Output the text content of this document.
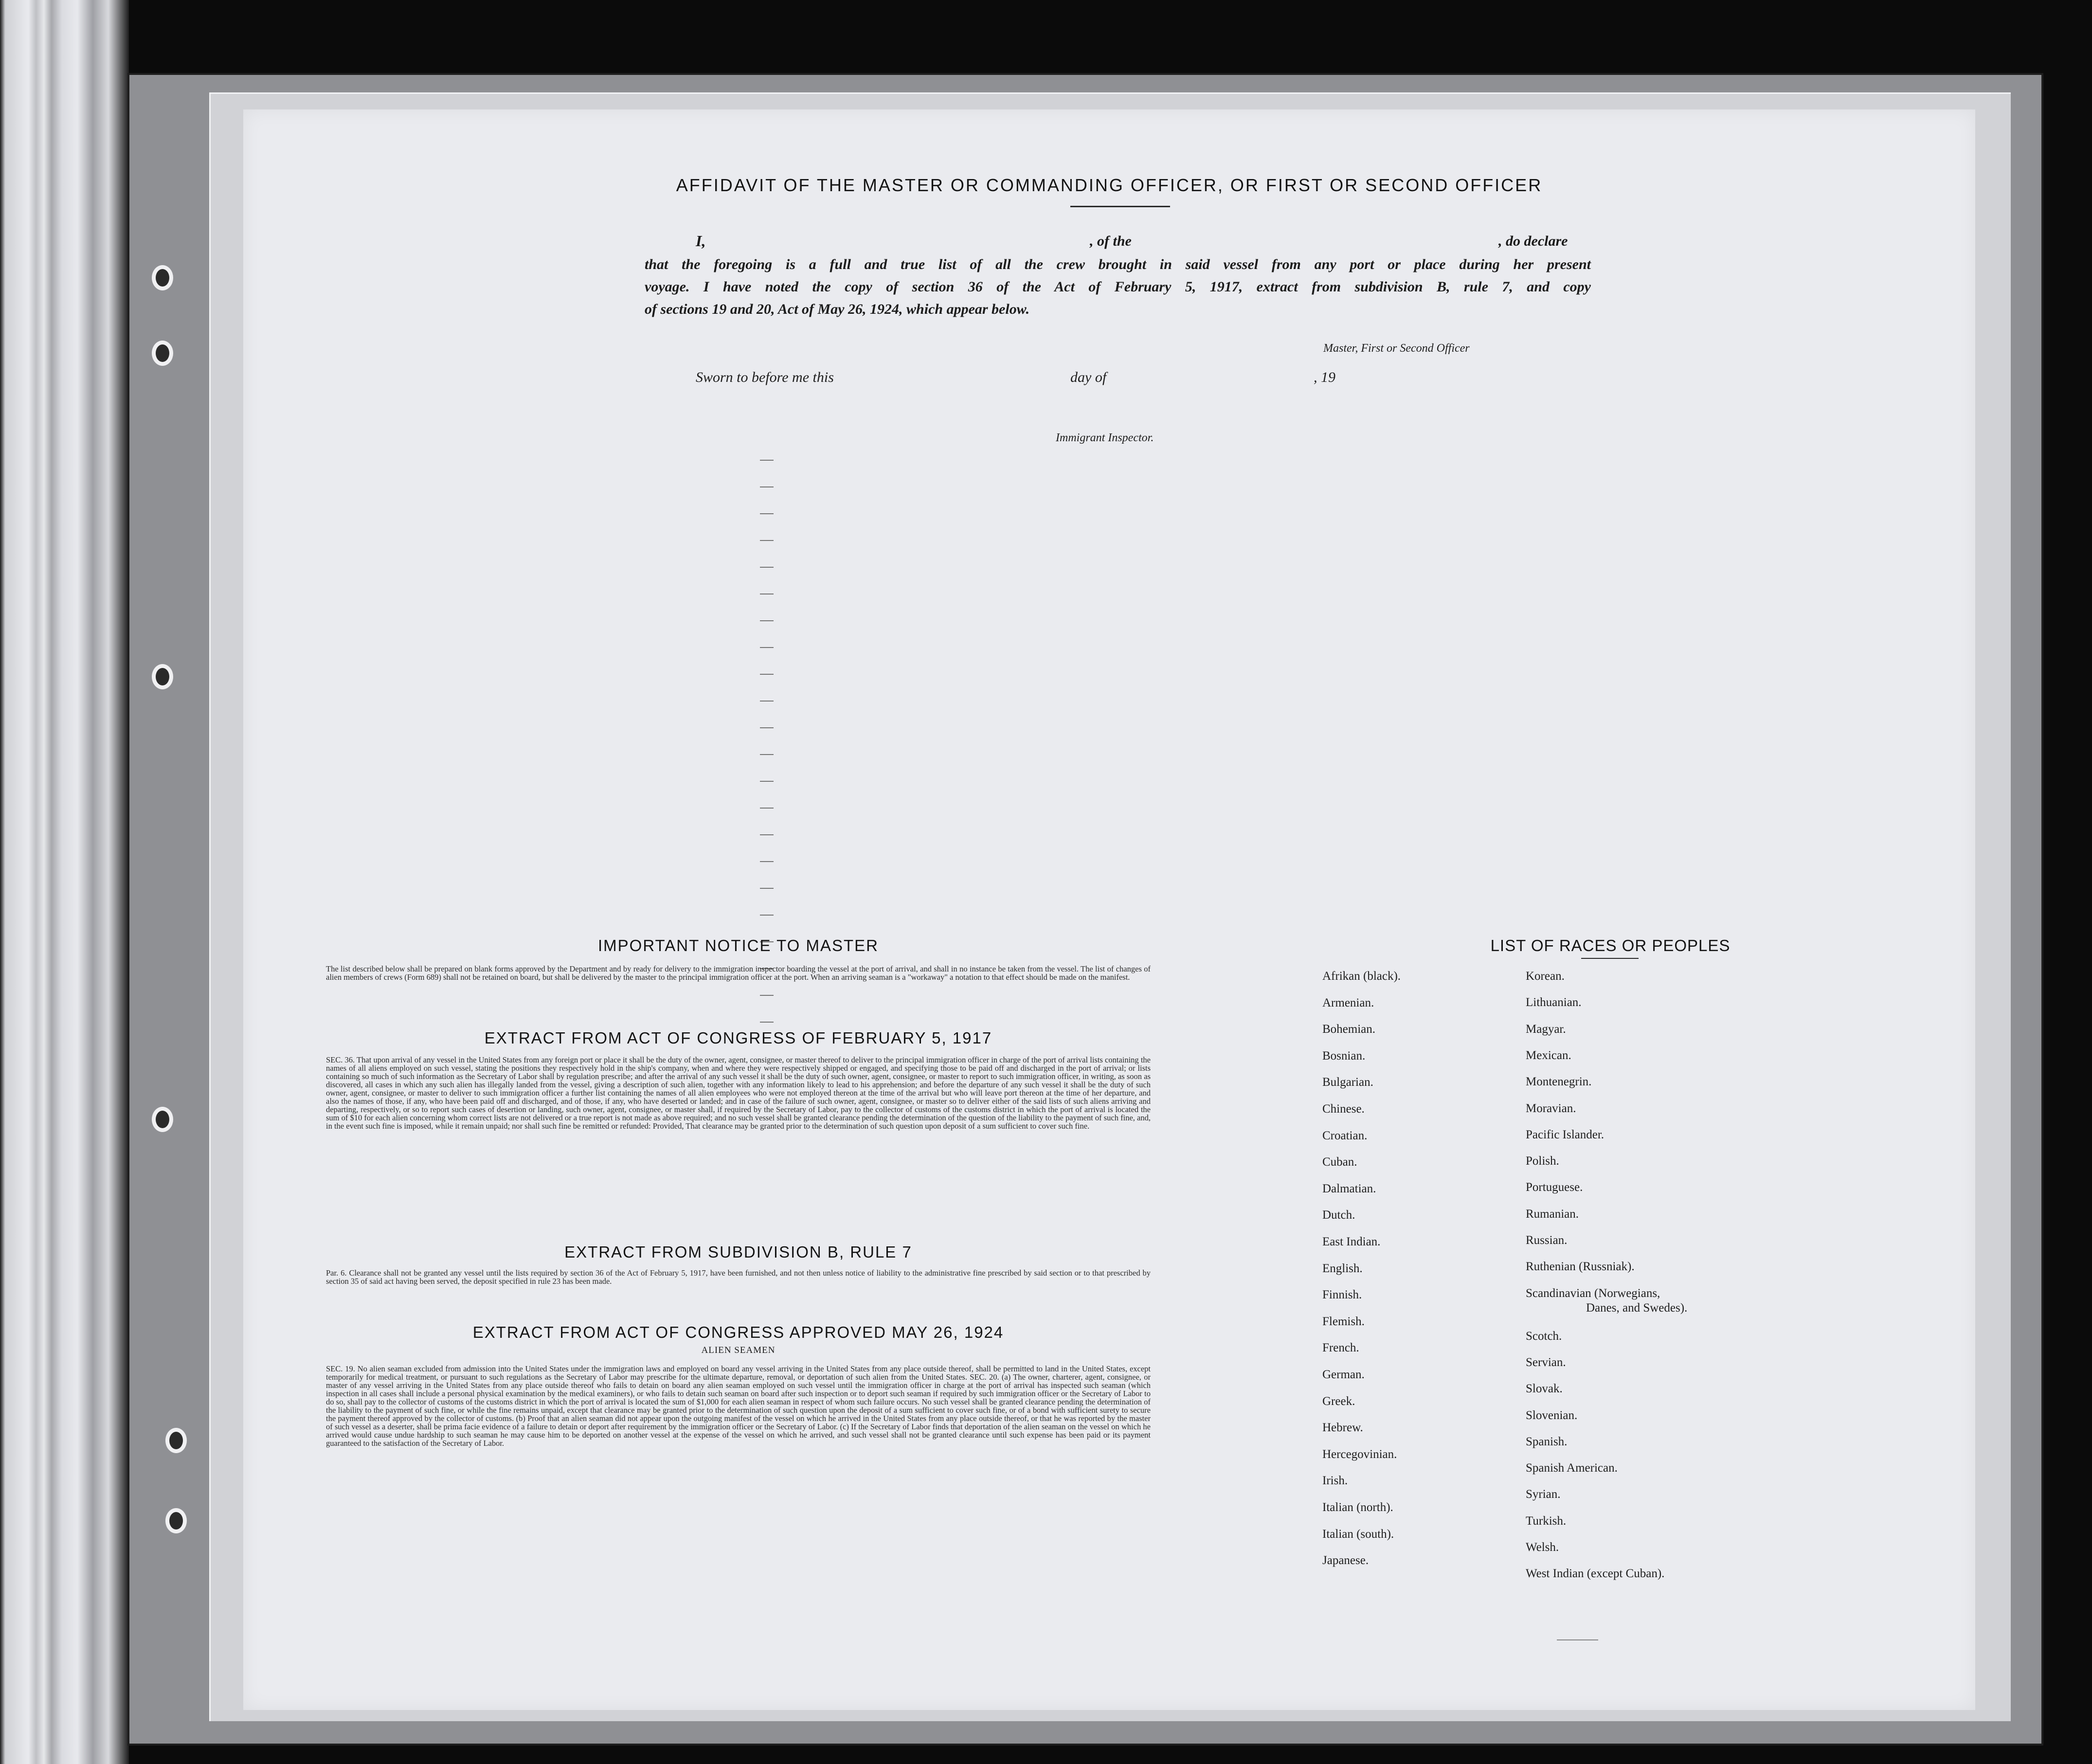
AFFIDAVIT OF THE MASTER OR COMMANDING OFFICER, OR FIRST OR SECOND OFFICER
I,	, of the	, do declare
that the foregoing is a full and true list of all the crew brought in said vessel from any port or place during her present
voyage. I have noted the copy of section 36 of the Act of February 5, 1917, extract from subdivision B, rule 7, and copy
of sections 19 and 20, Act of May 26, 1924, which appear below.
Master, First or Second Officer
Sworn to before me this	day of	, 19
Immigrant Inspector.
IMPORTANT NOTICE TO MASTER
The list described below shall be prepared on blank forms approved by the Department and by ready for delivery to the immigration inspector boarding the vessel at the port of arrival, and shall in no instance be taken from the vessel. The list of changes of alien members of crews (Form 689) shall not be retained on board, but shall be delivered by the master to the principal immigration officer at the port. When an arriving seaman is a "workaway" a notation to that effect should be made on the manifest.
EXTRACT FROM ACT OF CONGRESS OF FEBRUARY 5, 1917
SEC. 36. That upon arrival of any vessel in the United States from any foreign port or place it shall be the duty of the owner, agent, consignee, or master thereof to deliver to the principal immigration officer in charge of the port of arrival lists containing the names of all aliens employed on such vessel, stating the positions they respectively hold in the ship's company, when and where they were respectively shipped or engaged, and specifying those to be paid off and discharged in the port of arrival; or lists containing so much of such information as the Secretary of Labor shall by regulation prescribe; and after the arrival of any such vessel it shall be the duty of such owner, agent, consignee, or master to report to such immigration officer, in writing, as soon as discovered, all cases in which any such alien has illegally landed from the vessel, giving a description of such alien, together with any information likely to lead to his apprehension; and before the departure of any such vessel it shall be the duty of such owner, agent, consignee, or master to deliver to such immigration officer a further list containing the names of all alien employees who were not employed thereon at the time of the arrival but who will leave port thereon at the time of her departure, and also the names of those, if any, who have been paid off and discharged, and of those, if any, who have deserted or landed; and in case of the failure of such owner, agent, consignee, or master so to deliver either of the said lists of such aliens arriving and departing, respectively, or so to report such cases of desertion or landing, such owner, agent, consignee, or master shall, if required by the Secretary of Labor, pay to the collector of customs of the customs district in which the port of arrival is located the sum of $10 for each alien concerning whom correct lists are not delivered or a true report is not made as above required; and no such vessel shall be granted clearance pending the determination of the question of the liability to the payment of such fine, and, in the event such fine is imposed, while it remain unpaid; nor shall such fine be remitted or refunded: Provided, That clearance may be granted prior to the determination of such question upon deposit of a sum sufficient to cover such fine.
EXTRACT FROM SUBDIVISION B, RULE 7
Par. 6. Clearance shall not be granted any vessel until the lists required by section 36 of the Act of February 5, 1917, have been furnished, and not then unless notice of liability to the administrative fine prescribed by said section or to that prescribed by section 35 of said act having been served, the deposit specified in rule 23 has been made.
EXTRACT FROM ACT OF CONGRESS APPROVED MAY 26, 1924
ALIEN SEAMEN
SEC. 19. No alien seaman excluded from admission into the United States under the immigration laws and employed on board any vessel arriving in the United States from any place outside thereof, shall be permitted to land in the United States, except temporarily for medical treatment, or pursuant to such regulations as the Secretary of Labor may prescribe for the ultimate departure, removal, or deportation of such alien from the United States. SEC. 20. (a) The owner, charterer, agent, consignee, or master of any vessel arriving in the United States from any place outside thereof who fails to detain on board any alien seaman employed on such vessel until the immigration officer in charge at the port of arrival has inspected such seaman (which inspection in all cases shall include a personal physical examination by the medical examiners), or who fails to detain such seaman on board after such inspection or to deport such seaman if required by such immigration officer or the Secretary of Labor to do so, shall pay to the collector of customs of the customs district in which the port of arrival is located the sum of $1,000 for each alien seaman in respect of whom such failure occurs. No such vessel shall be granted clearance pending the determination of the liability to the payment of such fine, or while the fine remains unpaid, except that clearance may be granted prior to the determination of such question upon the deposit of a sum sufficient to cover such fine, or of a bond with sufficient surety to secure the payment thereof approved by the collector of customs. (b) Proof that an alien seaman did not appear upon the outgoing manifest of the vessel on which he arrived in the United States from any place outside thereof, or that he was reported by the master of such vessel as a deserter, shall be prima facie evidence of a failure to detain or deport after requirement by the immigration officer or the Secretary of Labor. (c) If the Secretary of Labor finds that deportation of the alien seaman on the vessel on which he arrived would cause undue hardship to such seaman he may cause him to be deported on another vessel at the expense of the vessel on which he arrived, and such vessel shall not be granted clearance until such expense has been paid or its payment guaranteed to the satisfaction of the Secretary of Labor.
LIST OF RACES OR PEOPLES
Afrikan (black).
Armenian.
Bohemian.
Bosnian.
Bulgarian.
Chinese.
Croatian.
Cuban.
Dalmatian.
Dutch.
East Indian.
English.
Finnish.
Flemish.
French.
German.
Greek.
Hebrew.
Hercegovinian.
Irish.
Italian (north).
Italian (south).
Japanese.
Korean.
Lithuanian.
Magyar.
Mexican.
Montenegrin.
Moravian.
Pacific Islander.
Polish.
Portuguese.
Rumanian.
Russian.
Ruthenian (Russniak).
Scandinavian (Norwegians,
Danes, and Swedes).
Scotch.
Servian.
Slovak.
Slovenian.
Spanish.
Spanish American.
Syrian.
Turkish.
Welsh.
West Indian (except Cuban).
